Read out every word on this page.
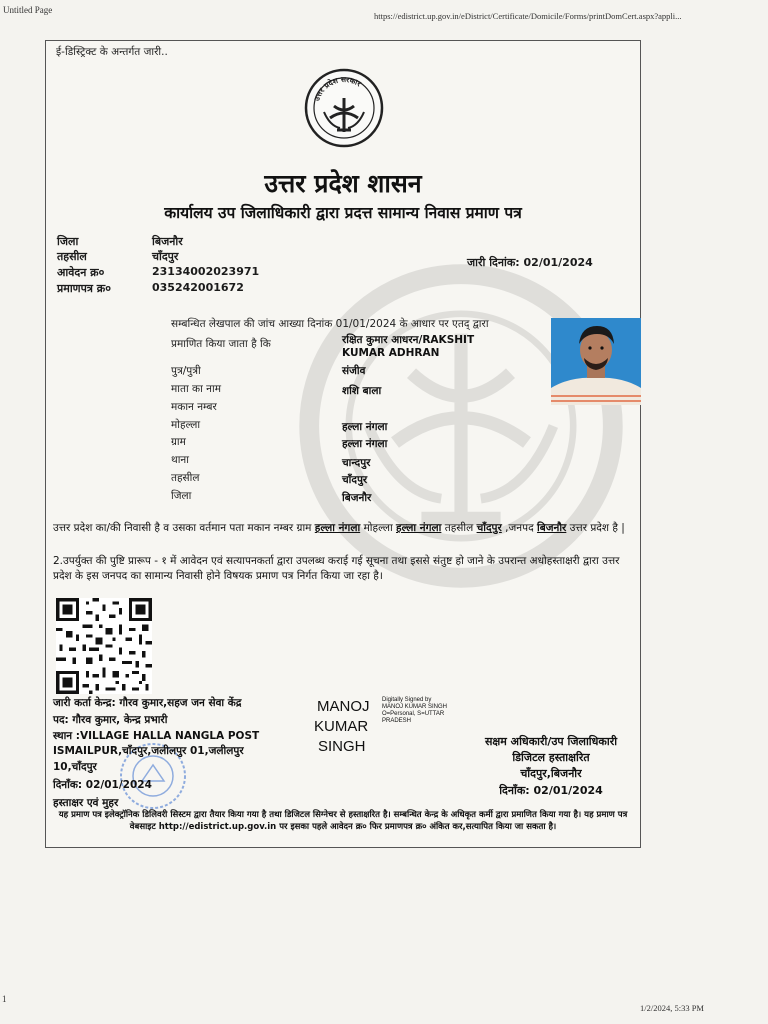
Untitled Page
https://edistrict.up.gov.in/eDistrict/Certificate/Domicile/Forms/printDomCert.aspx?appli...
ई-डिस्ट्रिक्ट के अन्तर्गत जारी..
उत्तर प्रदेश सरकार
उत्तर प्रदेश शासन
कार्यालय उप जिलाधिकारी द्वारा प्रदत्त सामान्य निवास प्रमाण पत्र
जिला	बिजनौर
तहसील	चाँदपुर
आवेदन क्र०	23134002023971
प्रमाणपत्र क्र०	035242001672
जारी दिनांक: 02/01/2024
सम्बन्धित लेखपाल की जांच आख्या दिनांक 01/01/2024 के आधार पर एतद् द्वारा
प्रमाणित किया जाता है कि	रक्षित कुमार आधरन/RAKSHIT
KUMAR ADHRAN
पुत्र/पुत्री	संजीव
माता का नाम	शशि बाला
मकान नम्बर
मोहल्ला	हल्ला नंगला
ग्राम	हल्ला नंगला
थाना	चान्दपुर
तहसील	चाँदपुर
जिला	बिजनौर
उत्तर प्रदेश का/की निवासी है व उसका वर्तमान पता मकान नम्बर ग्राम हल्ला नंगला मोहल्ला हल्ला नंगला तहसील चाँदपुर ,जनपद बिजनौर उत्तर प्रदेश है |
2.उपर्युक्त की पुष्टि प्रारूप - १ में आवेदन एवं सत्यापनकर्ता द्वारा उपलब्ध कराई गई सूचना तथा इससे संतुष्ट हो जाने के उपरान्त अधोहस्ताक्षरी द्वारा उत्तर प्रदेश के इस जनपद का सामान्य निवासी होने विषयक प्रमाण पत्र निर्गत किया जा रहा है।
जारी कर्ता केन्द्र: गौरव कुमार,सहज जन सेवा केंद्र
पद: गौरव कुमार, केन्द्र प्रभारी
स्थान :VILLAGE HALLA NANGLA POST
ISMAILPUR,चाँदपुर,जलीलपुर 01,जलीलपुर
10,चाँदपुर
दिनाँक: 02/01/2024
हस्ताक्षर एवं मुहर
MANOJ
KUMAR
SINGH
Digitally Signed by
MANOJ KUMAR SINGH
O=Personal, S=UTTAR
PRADESH
सक्षम अधिकारी/उप जिलाधिकारी
डिजिटल हस्ताक्षरित
चाँदपुर,बिजनौर
दिनाँक: 02/01/2024
यह प्रमाण पत्र इलेक्ट्रॉनिक डिलिवरी सिस्टम द्वारा तैयार किया गया है तथा डिजिटल सिग्नेचर से हस्ताक्षरित है। सम्बन्धित केन्द्र के अधिकृत कर्मी द्वारा प्रमाणित किया गया है। यह प्रमाण पत्र वेबसाइट http://edistrict.up.gov.in पर इसका पहले आवेदन क्र० फिर प्रमाणपत्र क्र० अंकित कर,सत्यापित किया जा सकता है।
1
1/2/2024, 5:33 PM
